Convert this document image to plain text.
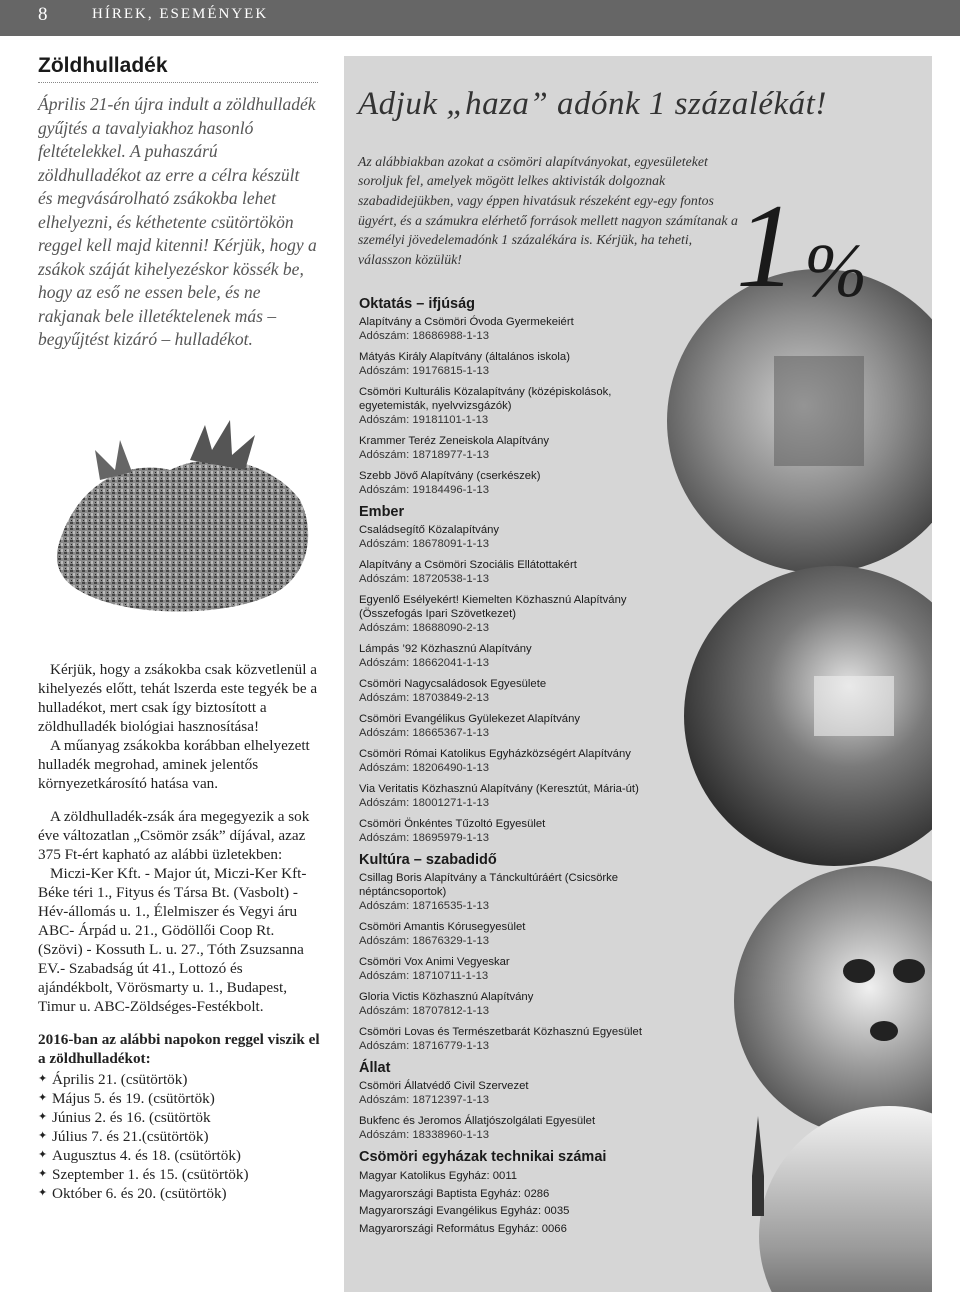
8	HÍREK, ESEMÉNYEK
Zöldhulladék

Április 21-én újra indult a zöldhulladék gyűjtés a tavalyiakhoz hasonló feltételekkel. A puhaszárú zöldhulladékot az erre a célra készült és megvásárolható zsákokba lehet elhelyezni, és kéthetente csütörtökön reggel kell majd kitenni! Kérjük, hogy a zsákok száját kihelyezéskor kössék be, hogy az eső ne essen bele, és ne rakjanak bele illetéktelenek más – begyűjtést kizáró – hulladékot.

Kérjük, hogy a zsákokba csak közvetlenül a kihelyezés előtt, tehát lszerda este tegyék be a hulladékot, mert csak így biztosított a zöldhulladék biológiai hasznosítása!

A műanyag zsákokba korábban elhelyezett hulladék megrohad, aminek jelentős környezetkárosító hatása van.

A zöldhulladék-zsák ára megegyezik a sok éve változatlan „Csömör zsák” díjával, azaz 375 Ft-ért kapható az alábbi üzletekben:

Miczi-Ker Kft. - Major út, Miczi-Ker Kft- Béke téri 1., Fityus és Társa Bt. (Vasbolt) -Hév-állomás u. 1., Élelmiszer és Vegyi áru ABC- Árpád u. 21., Gödöllői Coop Rt. (Szövi) - Kossuth L. u. 27., Tóth Zsuzsanna EV.- Szabadság út 41., Lottozó és ajándékbolt, Vörösmarty u. 1., Budapest, Timur u. ABC-Zöldséges-Festékbolt.

2016-ban az alábbi napokon reggel viszik el a zöldhulladékot:

✦ Április 21. (csütörtök)
✦ Május 5. és 19. (csütörtök)
✦ Június 2. és 16. (csütörtök
✦ Július 7. és 21.(csütörtök)
✦ Augusztus 4. és 18. (csütörtök)
✦ Szeptember 1. és 15. (csütörtök)
✦ Október 6. és 20. (csütörtök)
Adjuk „haza” adónk 1 százalékát!

Az alábbiakban azokat a csömöri alapítványokat, egyesületeket soroljuk fel, amelyek mögött lelkes aktivisták dolgoznak szabadidejükben, vagy éppen hivatásuk részeként egy-egy fontos ügyért, és a számukra elérhető források mellett nagyon számítanak a személyi jövedelemadónk 1 százalékára is. Kérjük, ha teheti, válasszon közülük!	1 %
Oktatás – ifjúság
Alapítvány a Csömöri Óvoda Gyermekeiért
Adószám: 18686988-1-13
Mátyás Király Alapítvány (általános iskola)
Adószám: 19176815-1-13
Csömöri Kulturális Közalapítvány (középiskolások, egyetemisták, nyelvvizsgázók)
Adószám: 19181101-1-13
Krammer Teréz Zeneiskola Alapítvány
Adószám: 18718977-1-13
Szebb Jövő Alapítvány (cserkészek)
Adószám: 19184496-1-13
Ember
Családsegítő Közalapítvány
Adószám: 18678091-1-13
Alapítvány a Csömöri Szociális Ellátottakért
Adószám: 18720538-1-13
Egyenlő Esélyekért! Kiemelten Közhasznú Alapítvány (Összefogás Ipari Szövetkezet)
Adószám: 18688090-2-13
Lámpás ’92 Közhasznú Alapítvány
Adószám: 18662041-1-13
Csömöri Nagycsaládosok Egyesülete
Adószám: 18703849-2-13
Csömöri Evangélikus Gyülekezet Alapítvány
Adószám: 18665367-1-13
Csömöri Római Katolikus Egyházközségért Alapítvány
Adószám: 18206490-1-13
Via Veritatis Közhasznú Alapítvány (Keresztút, Mária-út)
Adószám: 18001271-1-13
Csömöri Önkéntes Tűzoltó Egyesület
Adószám: 18695979-1-13
Kultúra – szabadidő
Csillag Boris Alapítvány a Tánckultúráért (Csicsörke néptáncsoportok)
Adószám: 18716535-1-13
Csömöri Amantis Kórusegyesület
Adószám: 18676329-1-13
Csömöri Vox Animi Vegyeskar
Adószám: 18710711-1-13
Gloria Victis Közhasznú Alapítvány
Adószám: 18707812-1-13
Csömöri Lovas és Természetbarát Közhasznú Egyesület
Adószám: 18716779-1-13
Állat
Csömöri Állatvédő Civil Szervezet
Adószám: 18712397-1-13
Bukfenc és Jeromos Állatjószolgálati Egyesület
Adószám: 18338960-1-13
Csömöri egyházak technikai számai
Magyar Katolikus Egyház: 0011
Magyarországi Baptista Egyház: 0286
Magyarországi Evangélikus Egyház: 0035
Magyarországi Református Egyház: 0066
